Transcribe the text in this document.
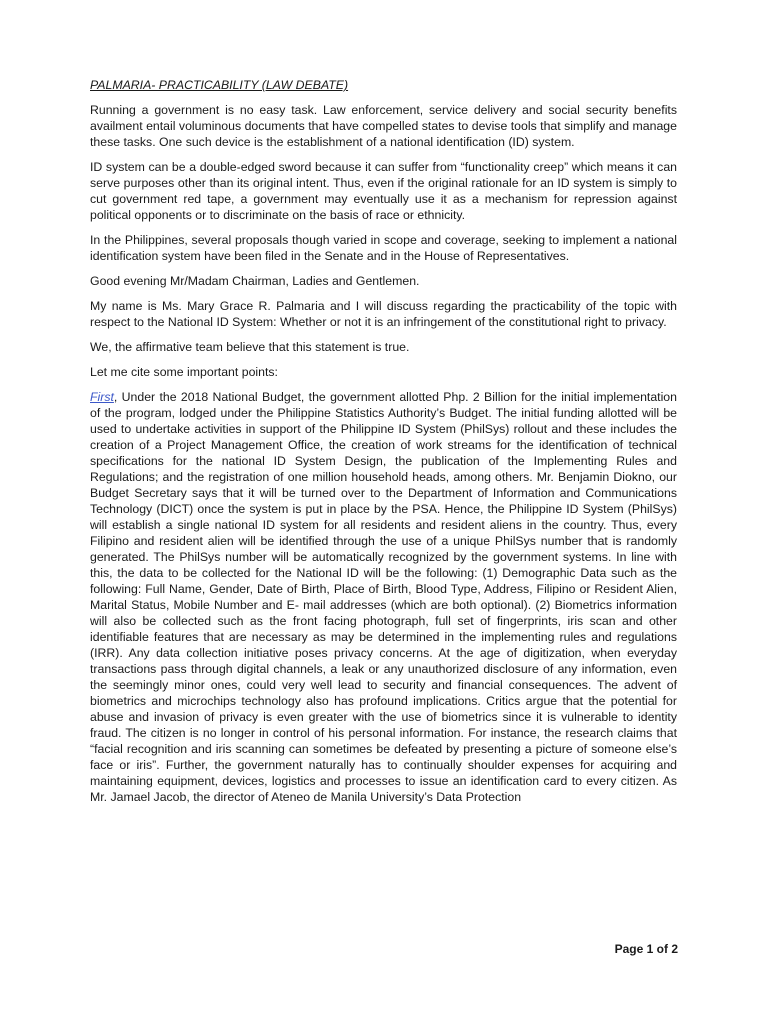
PALMARIA- PRACTICABILITY (LAW DEBATE)

Running a government is no easy task. Law enforcement, service delivery and social security benefits availment entail voluminous documents that have compelled states to devise tools that simplify and manage these tasks. One such device is the establishment of a national identification (ID) system.

ID system can be a double-edged sword because it can suffer from “functionality creep” which means it can serve purposes other than its original intent. Thus, even if the original rationale for an ID system is simply to cut government red tape, a government may eventually use it as a mechanism for repression against political opponents or to discriminate on the basis of race or ethnicity.

In the Philippines, several proposals though varied in scope and coverage, seeking to implement a national identification system have been filed in the Senate and in the House of Representatives.

Good evening Mr/Madam Chairman, Ladies and Gentlemen.

My name is Ms. Mary Grace R. Palmaria and I will discuss regarding the practicability of the topic with respect to the National ID System: Whether or not it is an infringement of the constitutional right to privacy.

We, the affirmative team believe that this statement is true.

Let me cite some important points:

First, Under the 2018 National Budget, the government allotted Php. 2 Billion for the initial implementation of the program, lodged under the Philippine Statistics Authority’s Budget. The initial funding allotted will be used to undertake activities in support of the Philippine ID System (PhilSys) rollout and these includes the creation of a Project Management Office, the creation of work streams for the identification of technical specifications for the national ID System Design, the publication of the Implementing Rules and Regulations; and the registration of one million household heads, among others. Mr. Benjamin Diokno, our Budget Secretary says that it will be turned over to the Department of Information and Communications Technology (DICT) once the system is put in place by the PSA. Hence, the Philippine ID System (PhilSys) will establish a single national ID system for all residents and resident aliens in the country. Thus, every Filipino and resident alien will be identified through the use of a unique PhilSys number that is randomly generated. The PhilSys number will be automatically recognized by the government systems. In line with this, the data to be collected for the National ID will be the following: (1) Demographic Data such as the following: Full Name, Gender, Date of Birth, Place of Birth, Blood Type, Address, Filipino or Resident Alien, Marital Status, Mobile Number and E- mail addresses (which are both optional). (2) Biometrics information will also be collected such as the front facing photograph, full set of fingerprints, iris scan and other identifiable features that are necessary as may be determined in the implementing rules and regulations (IRR). Any data collection initiative poses privacy concerns. At the age of digitization, when everyday transactions pass through digital channels, a leak or any unauthorized disclosure of any information, even the seemingly minor ones, could very well lead to security and financial consequences. The advent of biometrics and microchips technology also has profound implications. Critics argue that the potential for abuse and invasion of privacy is even greater with the use of biometrics since it is vulnerable to identity fraud. The citizen is no longer in control of his personal information. For instance, the research claims that “facial recognition and iris scanning can sometimes be defeated by presenting a picture of someone else’s face or iris”. Further, the government naturally has to continually shoulder expenses for acquiring and maintaining equipment, devices, logistics and processes to issue an identification card to every citizen. As Mr. Jamael Jacob, the director of Ateneo de Manila University’s Data Protection

Page 1 of 2
